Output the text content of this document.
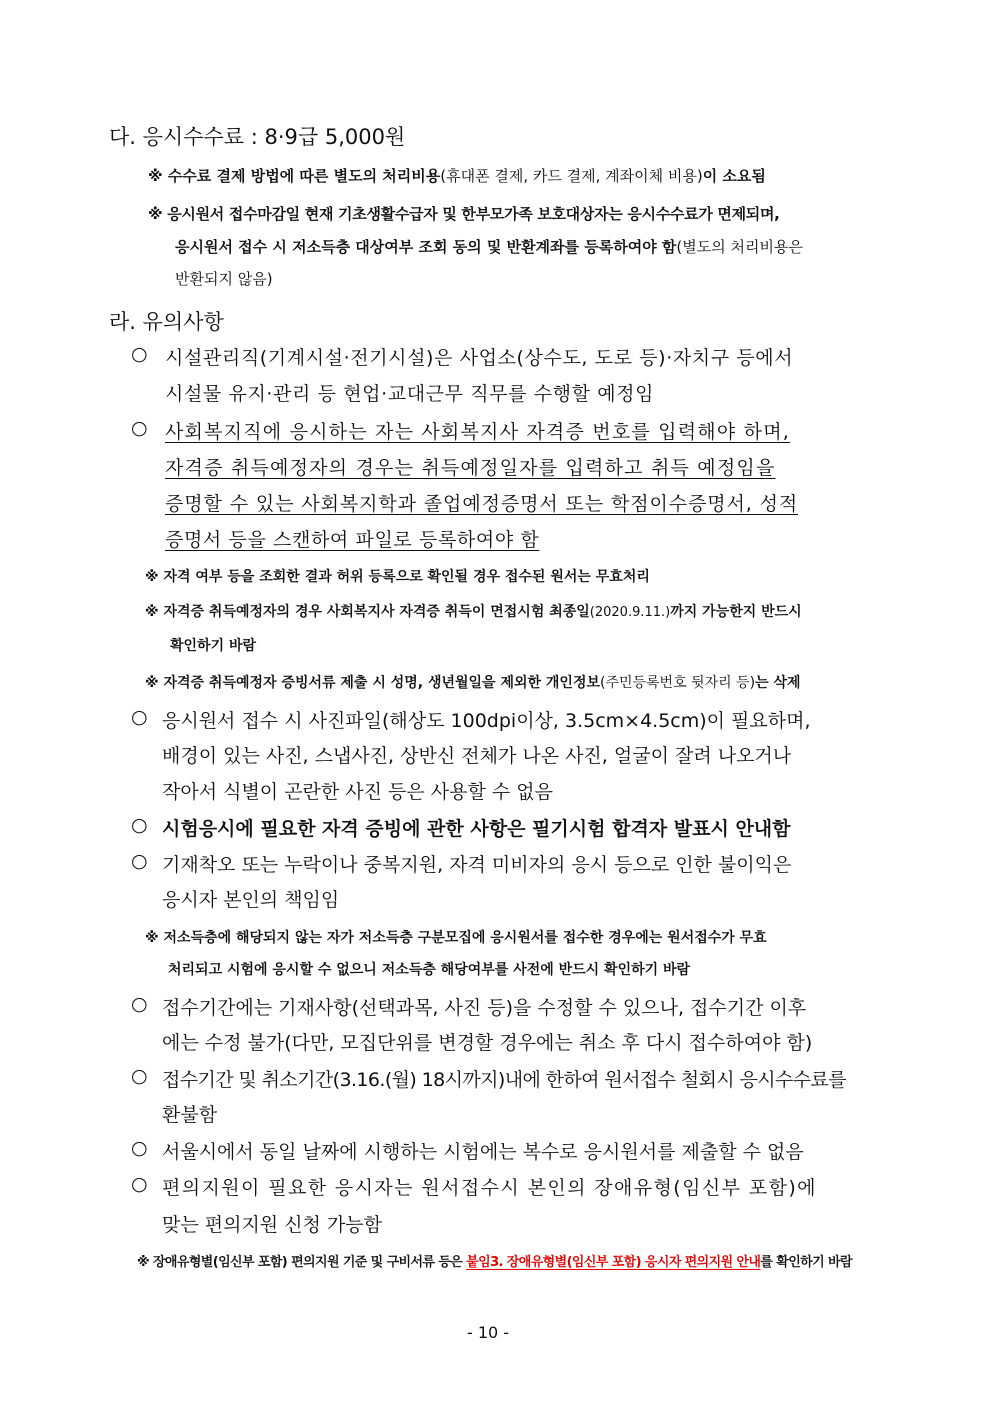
다. 응시수수료 : 8·9급 5,000원
※ 수수료 결제 방법에 따른 별도의 처리비용(휴대폰 결제, 카드 결제, 계좌이체 비용)이 소요됨
※ 응시원서 접수마감일 현재 기초생활수급자 및 한부모가족 보호대상자는 응시수수료가 면제되며,
응시원서 접수 시 저소득층 대상여부 조회 동의 및 반환계좌를 등록하여야 함(별도의 처리비용은
반환되지 않음)
라. 유의사항
○ 시설관리직(기계시설·전기시설)은 사업소(상수도, 도로 등)·자치구 등에서
시설물 유지·관리 등 현업·교대근무 직무를 수행할 예정임
○ 사회복지직에 응시하는 자는 사회복지사 자격증 번호를 입력해야 하며,
자격증 취득예정자의 경우는 취득예정일자를 입력하고 취득 예정임을
증명할 수 있는 사회복지학과 졸업예정증명서 또는 학점이수증명서, 성적
증명서 등을 스캔하여 파일로 등록하여야 함
※ 자격 여부 등을 조회한 결과 허위 등록으로 확인될 경우 접수된 원서는 무효처리
※ 자격증 취득예정자의 경우 사회복지사 자격증 취득이 면접시험 최종일(2020.9.11.)까지 가능한지 반드시
확인하기 바람
※ 자격증 취득예정자 증빙서류 제출 시 성명, 생년월일을 제외한 개인정보(주민등록번호 뒷자리 등)는 삭제
○ 응시원서 접수 시 사진파일(해상도 100dpi이상, 3.5cm×4.5cm)이 필요하며,
배경이 있는 사진, 스냅사진, 상반신 전체가 나온 사진, 얼굴이 잘려 나오거나
작아서 식별이 곤란한 사진 등은 사용할 수 없음
○ 시험응시에 필요한 자격 증빙에 관한 사항은 필기시험 합격자 발표시 안내함
○ 기재착오 또는 누락이나 중복지원, 자격 미비자의 응시 등으로 인한 불이익은
응시자 본인의 책임임
※ 저소득층에 해당되지 않는 자가 저소득층 구분모집에 응시원서를 접수한 경우에는 원서접수가 무효
처리되고 시험에 응시할 수 없으니 저소득층 해당여부를 사전에 반드시 확인하기 바람
○ 접수기간에는 기재사항(선택과목, 사진 등)을 수정할 수 있으나, 접수기간 이후
에는 수정 불가(다만, 모집단위를 변경할 경우에는 취소 후 다시 접수하여야 함)
○ 접수기간 및 취소기간(3.16.(월) 18시까지)내에 한하여 원서접수 철회시 응시수수료를
환불함
○ 서울시에서 동일 날짜에 시행하는 시험에는 복수로 응시원서를 제출할 수 없음
○ 편의지원이 필요한 응시자는 원서접수시 본인의 장애유형(임신부 포함)에
맞는 편의지원 신청 가능함
※ 장애유형별(임신부 포함) 편의지원 기준 및 구비서류 등은 붙임3. 장애유형별(임신부 포함) 응시자 편의지원 안내를 확인하기 바람
- 10 -
